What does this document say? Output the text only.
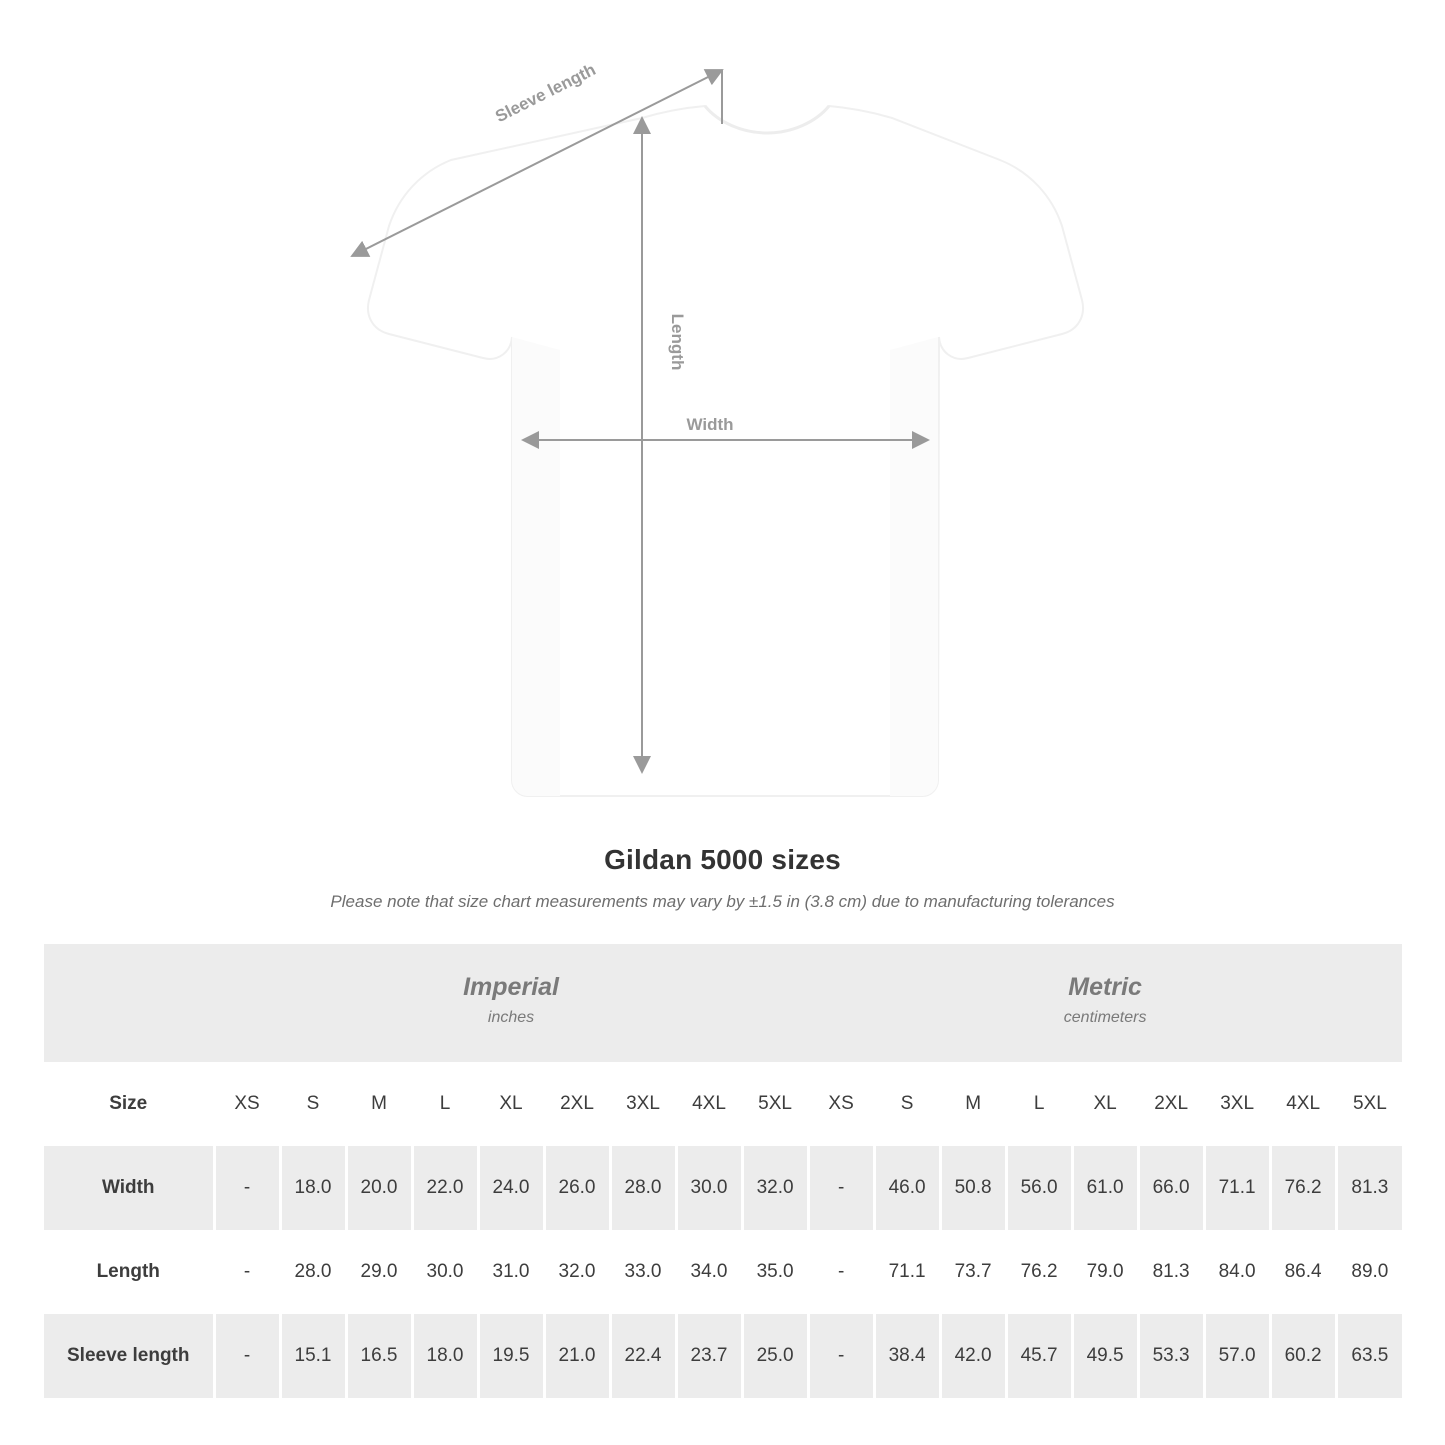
Width
Length
Sleeve length
Gildan 5000 sizes
Please note that size chart measurements may vary by ±1.5 in (3.8 cm) due to manufacturing tolerances

Imperial
inches

Metric
centimeters

Size	XS	S	M	L	XL	2XL	3XL	4XL	5XL	XS	S	M	L	XL	2XL	3XL	4XL	5XL
Width	-	18.0	20.0	22.0	24.0	26.0	28.0	30.0	32.0	-	46.0	50.8	56.0	61.0	66.0	71.1	76.2	81.3
Length	-	28.0	29.0	30.0	31.0	32.0	33.0	34.0	35.0	-	71.1	73.7	76.2	79.0	81.3	84.0	86.4	89.0
Sleeve length	-	15.1	16.5	18.0	19.5	21.0	22.4	23.7	25.0	-	38.4	42.0	45.7	49.5	53.3	57.0	60.2	63.5
